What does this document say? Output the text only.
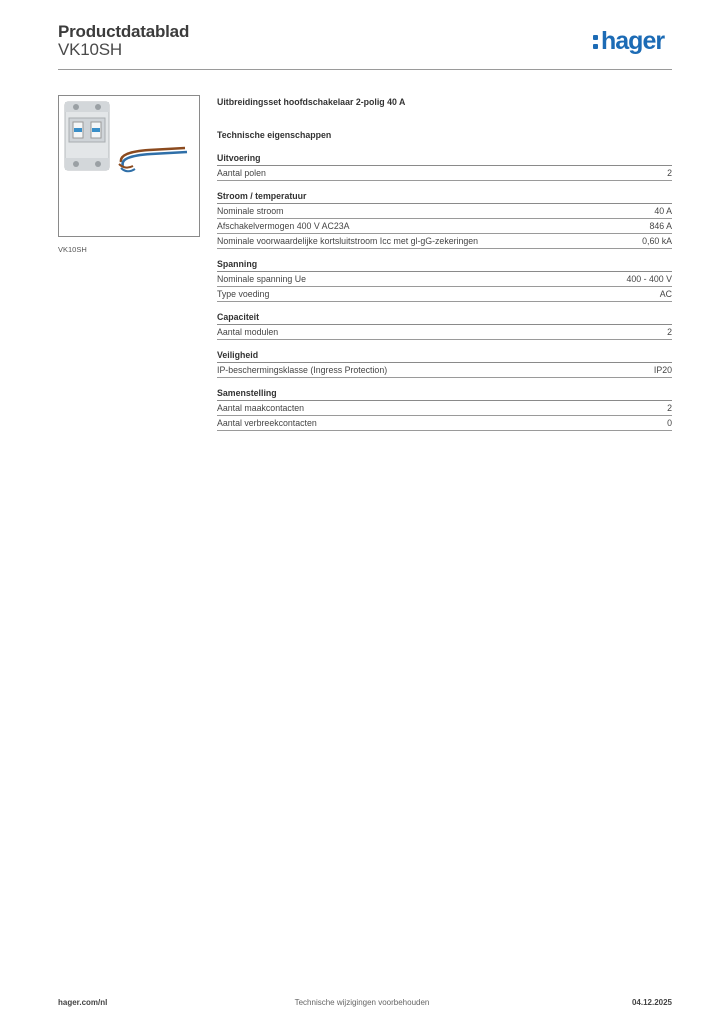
Productdatablad
VK10SH	hager
VK10SH
Uitbreidingsset hoofdschakelaar 2-polig 40 A
Technische eigenschappen
Uitvoering
Aantal polen	2
Stroom / temperatuur
Nominale stroom	40 A
Afschakelvermogen 400 V AC23A	846 A
Nominale voorwaardelijke kortsluitstroom Icc met gl-gG-zekeringen	0,60 kA
Spanning
Nominale spanning Ue	400 - 400 V
Type voeding	AC
Capaciteit
Aantal modulen	2
Veiligheid
IP-beschermingsklasse (Ingress Protection)	IP20
Samenstelling
Aantal maakcontacten	2
Aantal verbreekcontacten	0
hager.com/nl	Technische wijzigingen voorbehouden	04.12.2025
